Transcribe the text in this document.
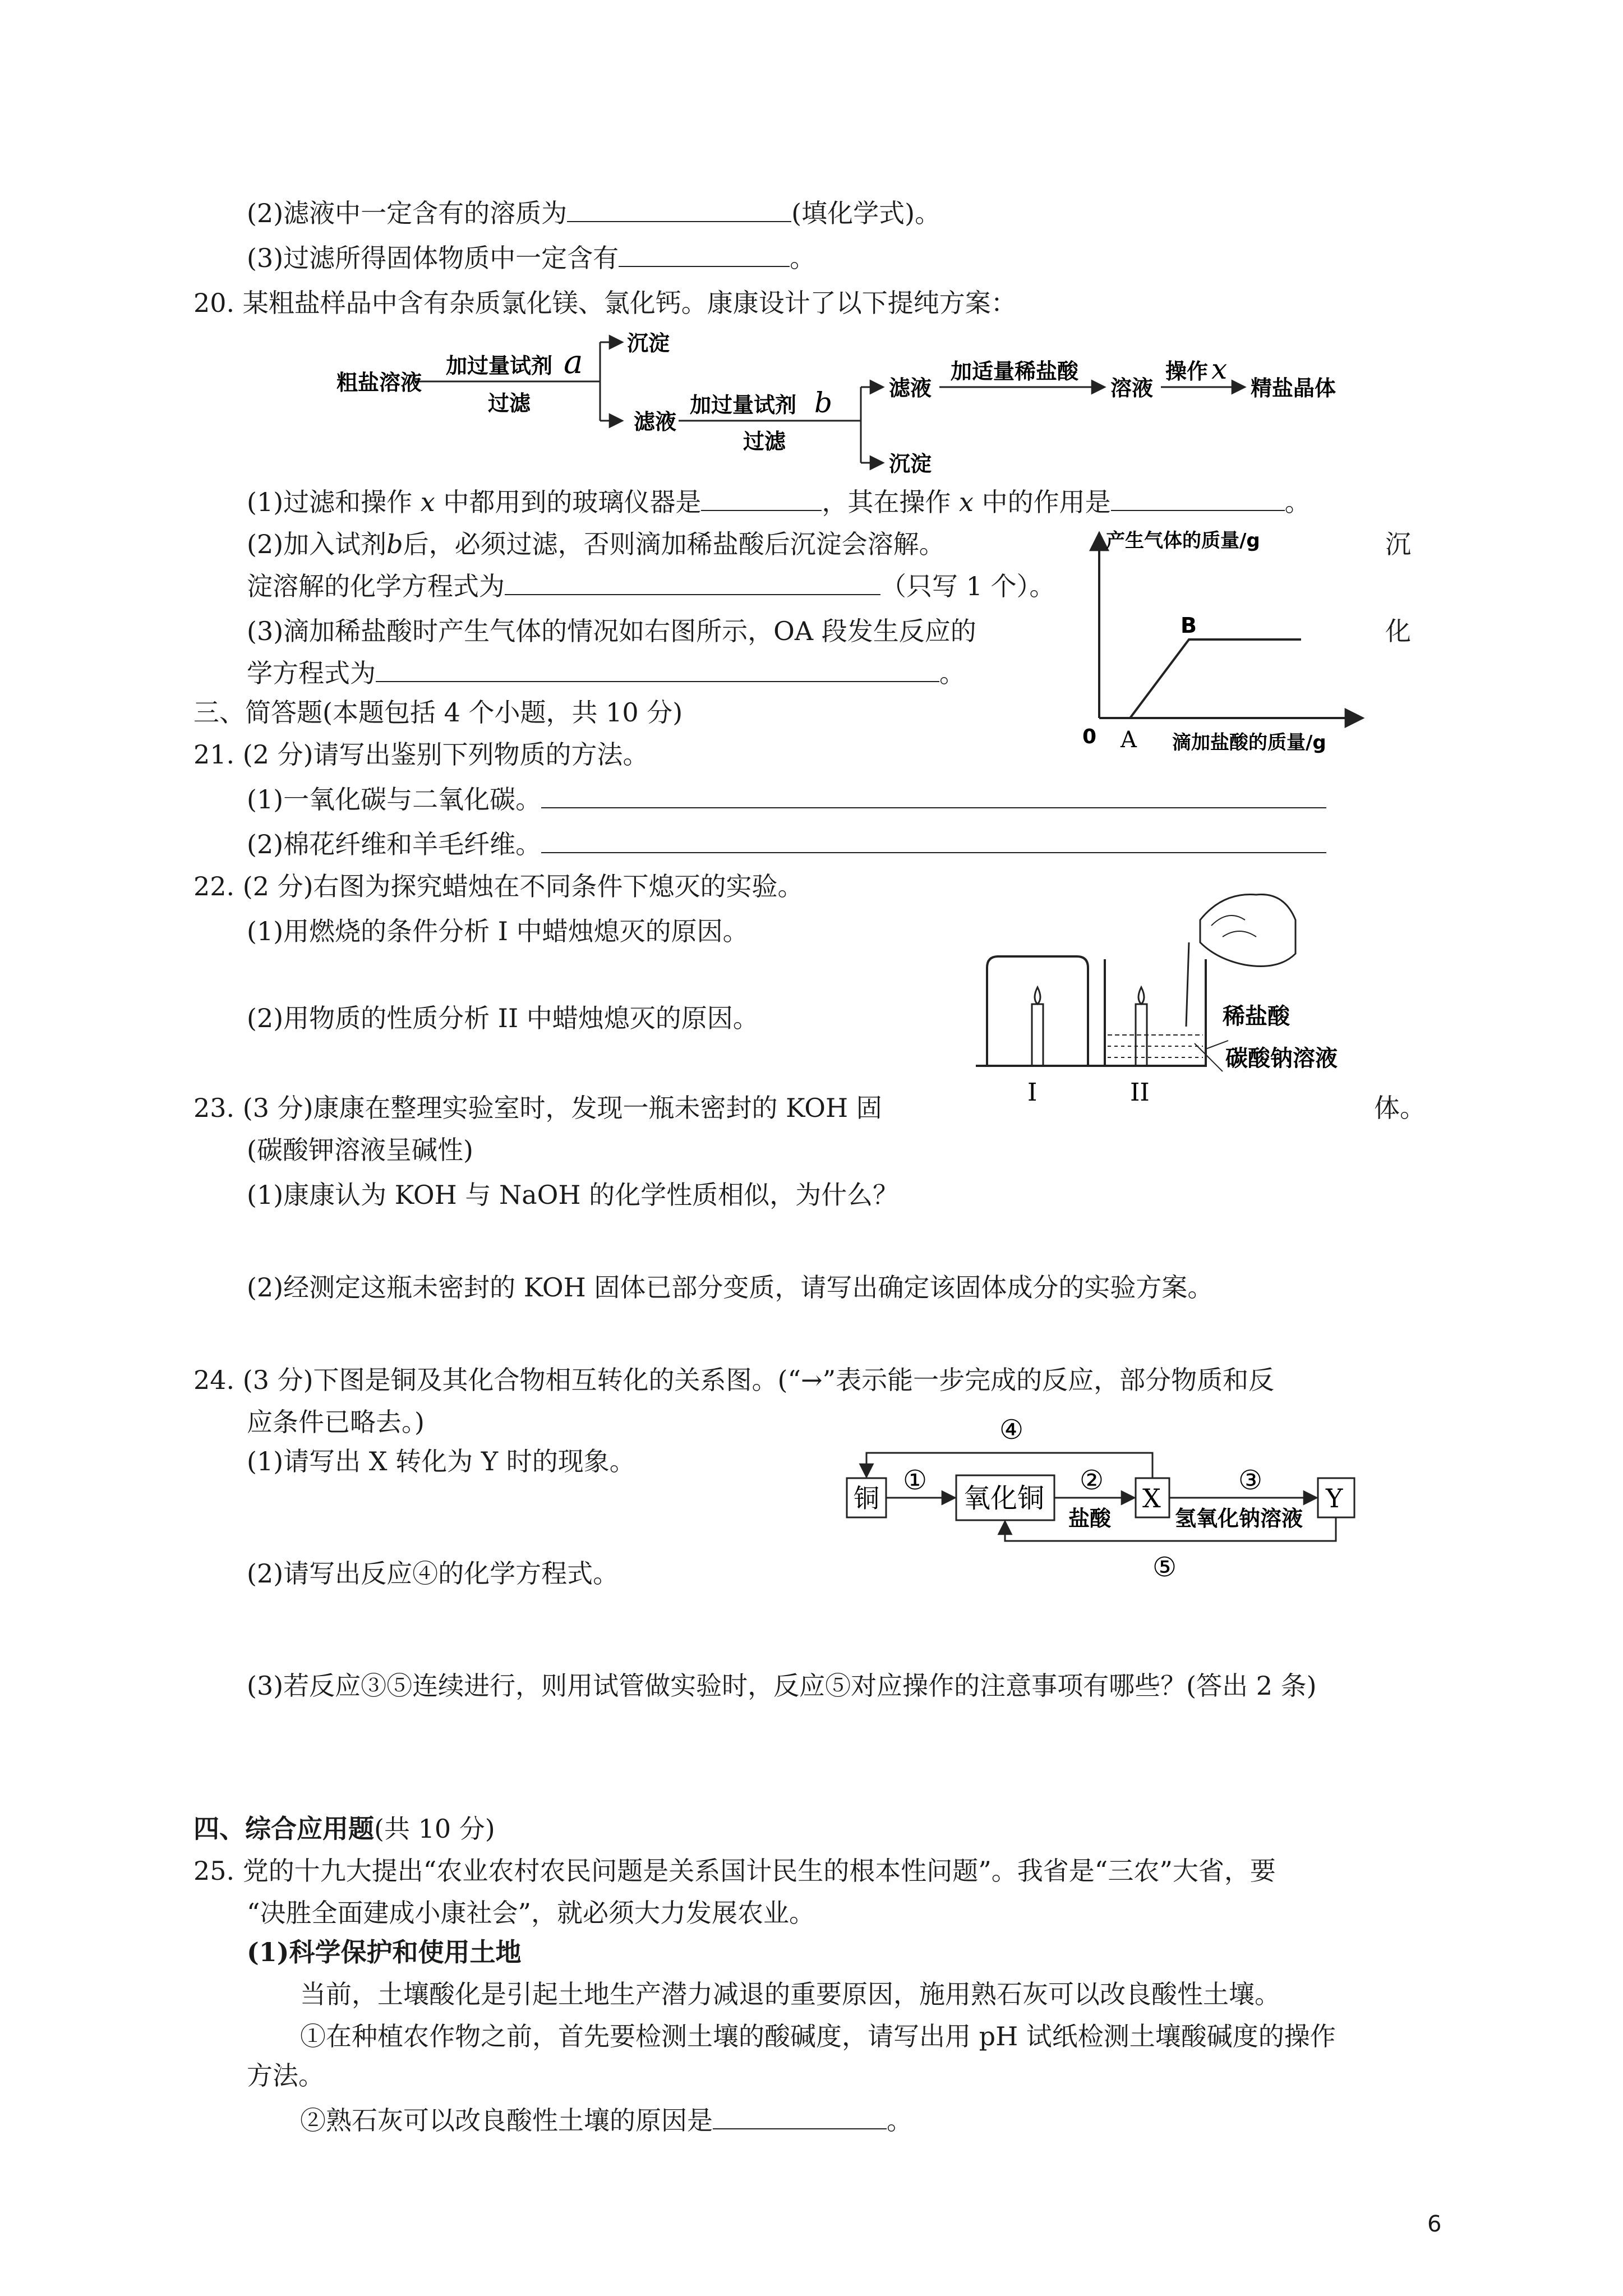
(2)滤液中一定含有的溶质为	(填化学式)。
(3)过滤所得固体物质中一定含有	。
20. 某粗盐样品中含有杂质氯化镁、氯化钙。康康设计了以下提纯方案：
粗盐溶液
加过量试剂 a
过滤
沉淀
滤液
加过量试剂 b
过滤
滤液
沉淀
加适量稀盐酸
溶液
操作 x
精盐晶体
(1)过滤和操作 x 中都用到的玻璃仪器是	，其在操作 x 中的作用是	。
(2)加入试剂b后，必须过滤，否则滴加稀盐酸后沉淀会溶解。	沉
淀溶解的化学方程式为	（只写 1 个）。
(3)滴加稀盐酸时产生气体的情况如右图所示，OA 段发生反应的	化
学方程式为	。
产生气体的质量/g
B
0 A 滴加盐酸的质量/g
三、简答题(本题包括 4 个小题，共 10 分)
21. (2 分)请写出鉴别下列物质的方法。
(1)一氧化碳与二氧化碳。
(2)棉花纤维和羊毛纤维。
22. (2 分)右图为探究蜡烛在不同条件下熄灭的实验。
(1)用燃烧的条件分析 I 中蜡烛熄灭的原因。
(2)用物质的性质分析 II 中蜡烛熄灭的原因。	稀盐酸
碳酸钠溶液
I	II
23. (3 分)康康在整理实验室时，发现一瓶未密封的 KOH 固	体。
(碳酸钾溶液呈碱性)
(1)康康认为 KOH 与 NaOH 的化学性质相似，为什么？
(2)经测定这瓶未密封的 KOH 固体已部分变质，请写出确定该固体成分的实验方案。
24. (3 分)下图是铜及其化合物相互转化的关系图。(“→”表示能一步完成的反应，部分物质和反
应条件已略去。)
(1)请写出 X 转化为 Y 时的现象。
(2)请写出反应④的化学方程式。
(3)若反应③⑤连续进行，则用试管做实验时，反应⑤对应操作的注意事项有哪些？(答出 2 条)
铜	氧化铜	X	Y
①	②	③
④
⑤
盐酸	氢氧化钠溶液
四、综合应用题(共 10 分)
25. 党的十九大提出“农业农村农民问题是关系国计民生的根本性问题”。我省是“三农”大省，要
“决胜全面建成小康社会”，就必须大力发展农业。
(1)科学保护和使用土地
当前，土壤酸化是引起土地生产潜力减退的重要原因，施用熟石灰可以改良酸性土壤。
①在种植农作物之前，首先要检测土壤的酸碱度，请写出用 pH 试纸检测土壤酸碱度的操作
方法。
②熟石灰可以改良酸性土壤的原因是	。
6
